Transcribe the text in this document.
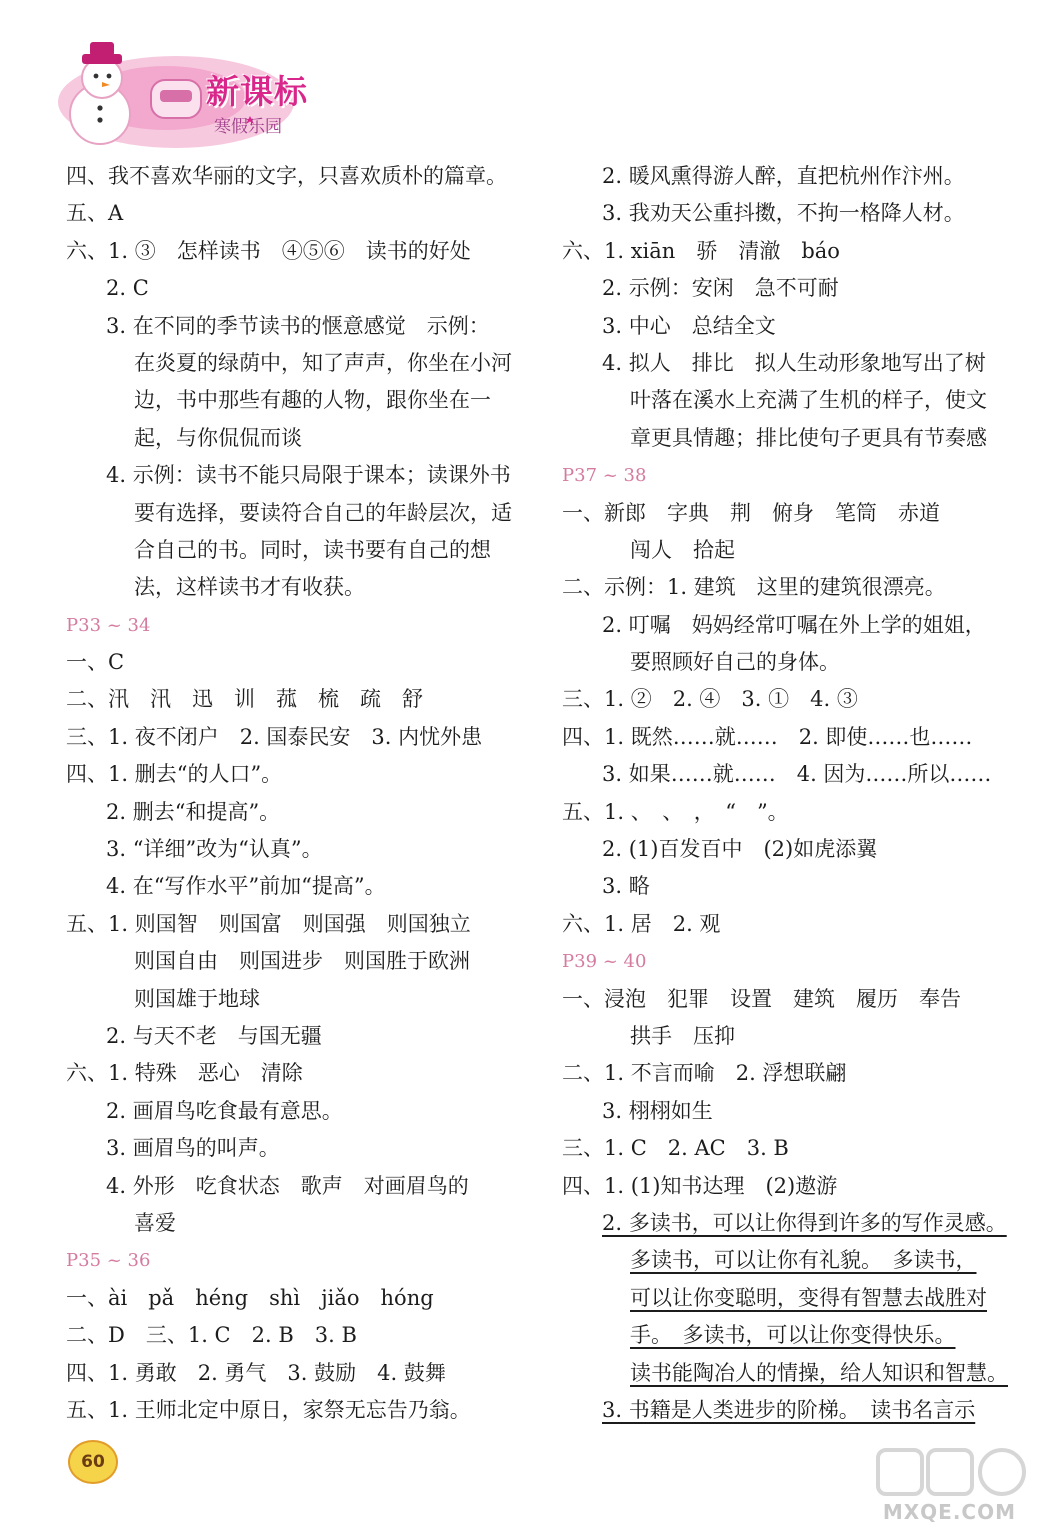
新课标
寒假乐园
四、我不喜欢华丽的文字，只喜欢质朴的篇章。
五、A
六、1. ③　怎样读书　④⑤⑥　读书的好处
2. C
3. 在不同的季节读书的惬意感觉　示例：
在炎夏的绿荫中，知了声声，你坐在小河
边，书中那些有趣的人物，跟你坐在一
起，与你侃侃而谈
4. 示例：读书不能只局限于课本；读课外书
要有选择，要读符合自己的年龄层次，适
合自己的书。同时，读书要有自己的想
法，这样读书才有收获。
P33 ~ 34
一、C
二、汛　汛　迅　训　菰　梳　疏　舒
三、1. 夜不闭户　2. 国泰民安　3. 内忧外患
四、1. 删去“的人口”。
2. 删去“和提高”。
3. “详细”改为“认真”。
4. 在“写作水平”前加“提高”。
五、1. 则国智　则国富　则国强　则国独立
则国自由　则国进步　则国胜于欧洲
则国雄于地球
2. 与天不老　与国无疆
六、1. 特殊　恶心　清除
2. 画眉鸟吃食最有意思。
3. 画眉鸟的叫声。
4. 外形　吃食状态　歌声　对画眉鸟的
喜爱
P35 ~ 36
一、ài　pǎ　héng　shì　jiǎo　hóng
二、D　三、1. C　2. B　3. B
四、1. 勇敢　2. 勇气　3. 鼓励　4. 鼓舞
五、1. 王师北定中原日，家祭无忘告乃翁。
2. 暖风熏得游人醉，直把杭州作汴州。
3. 我劝天公重抖擞，不拘一格降人材。
六、1. xiān　骄　清澈　báo
2. 示例：安闲　急不可耐
3. 中心　总结全文
4. 拟人　排比　拟人生动形象地写出了树
叶落在溪水上充满了生机的样子，使文
章更具情趣；排比使句子更具有节奏感
P37 ~ 38
一、新郎　字典　荆　俯身　笔筒　赤道
闯人　拾起
二、示例：1. 建筑　这里的建筑很漂亮。
2. 叮嘱　妈妈经常叮嘱在外上学的姐姐，
要照顾好自己的身体。
三、1. ②　2. ④　3. ①　4. ③
四、1. 既然……就……　2. 即使……也……
3. 如果……就……　4. 因为……所以……
五、1. 、　、　，　“　”。
2. (1)百发百中　(2)如虎添翼
3. 略
六、1. 居　2. 观
P39 ~ 40
一、浸泡　犯罪　设置　建筑　履历　奉告
拱手　压抑
二、1. 不言而喻　2. 浮想联翩
3. 栩栩如生
三、1. C　2. AC　3. B
四、1. (1)知书达理　(2)遨游
2. 多读书，可以让你得到许多的写作灵感。
多读书，可以让你有礼貌。　多读书，
可以让你变聪明，变得有智慧去战胜对
手。　多读书，可以让你变得快乐。
读书能陶冶人的情操，给人知识和智慧。
3. 书籍是人类进步的阶梯。　读书名言示
60
MXQE.COM
